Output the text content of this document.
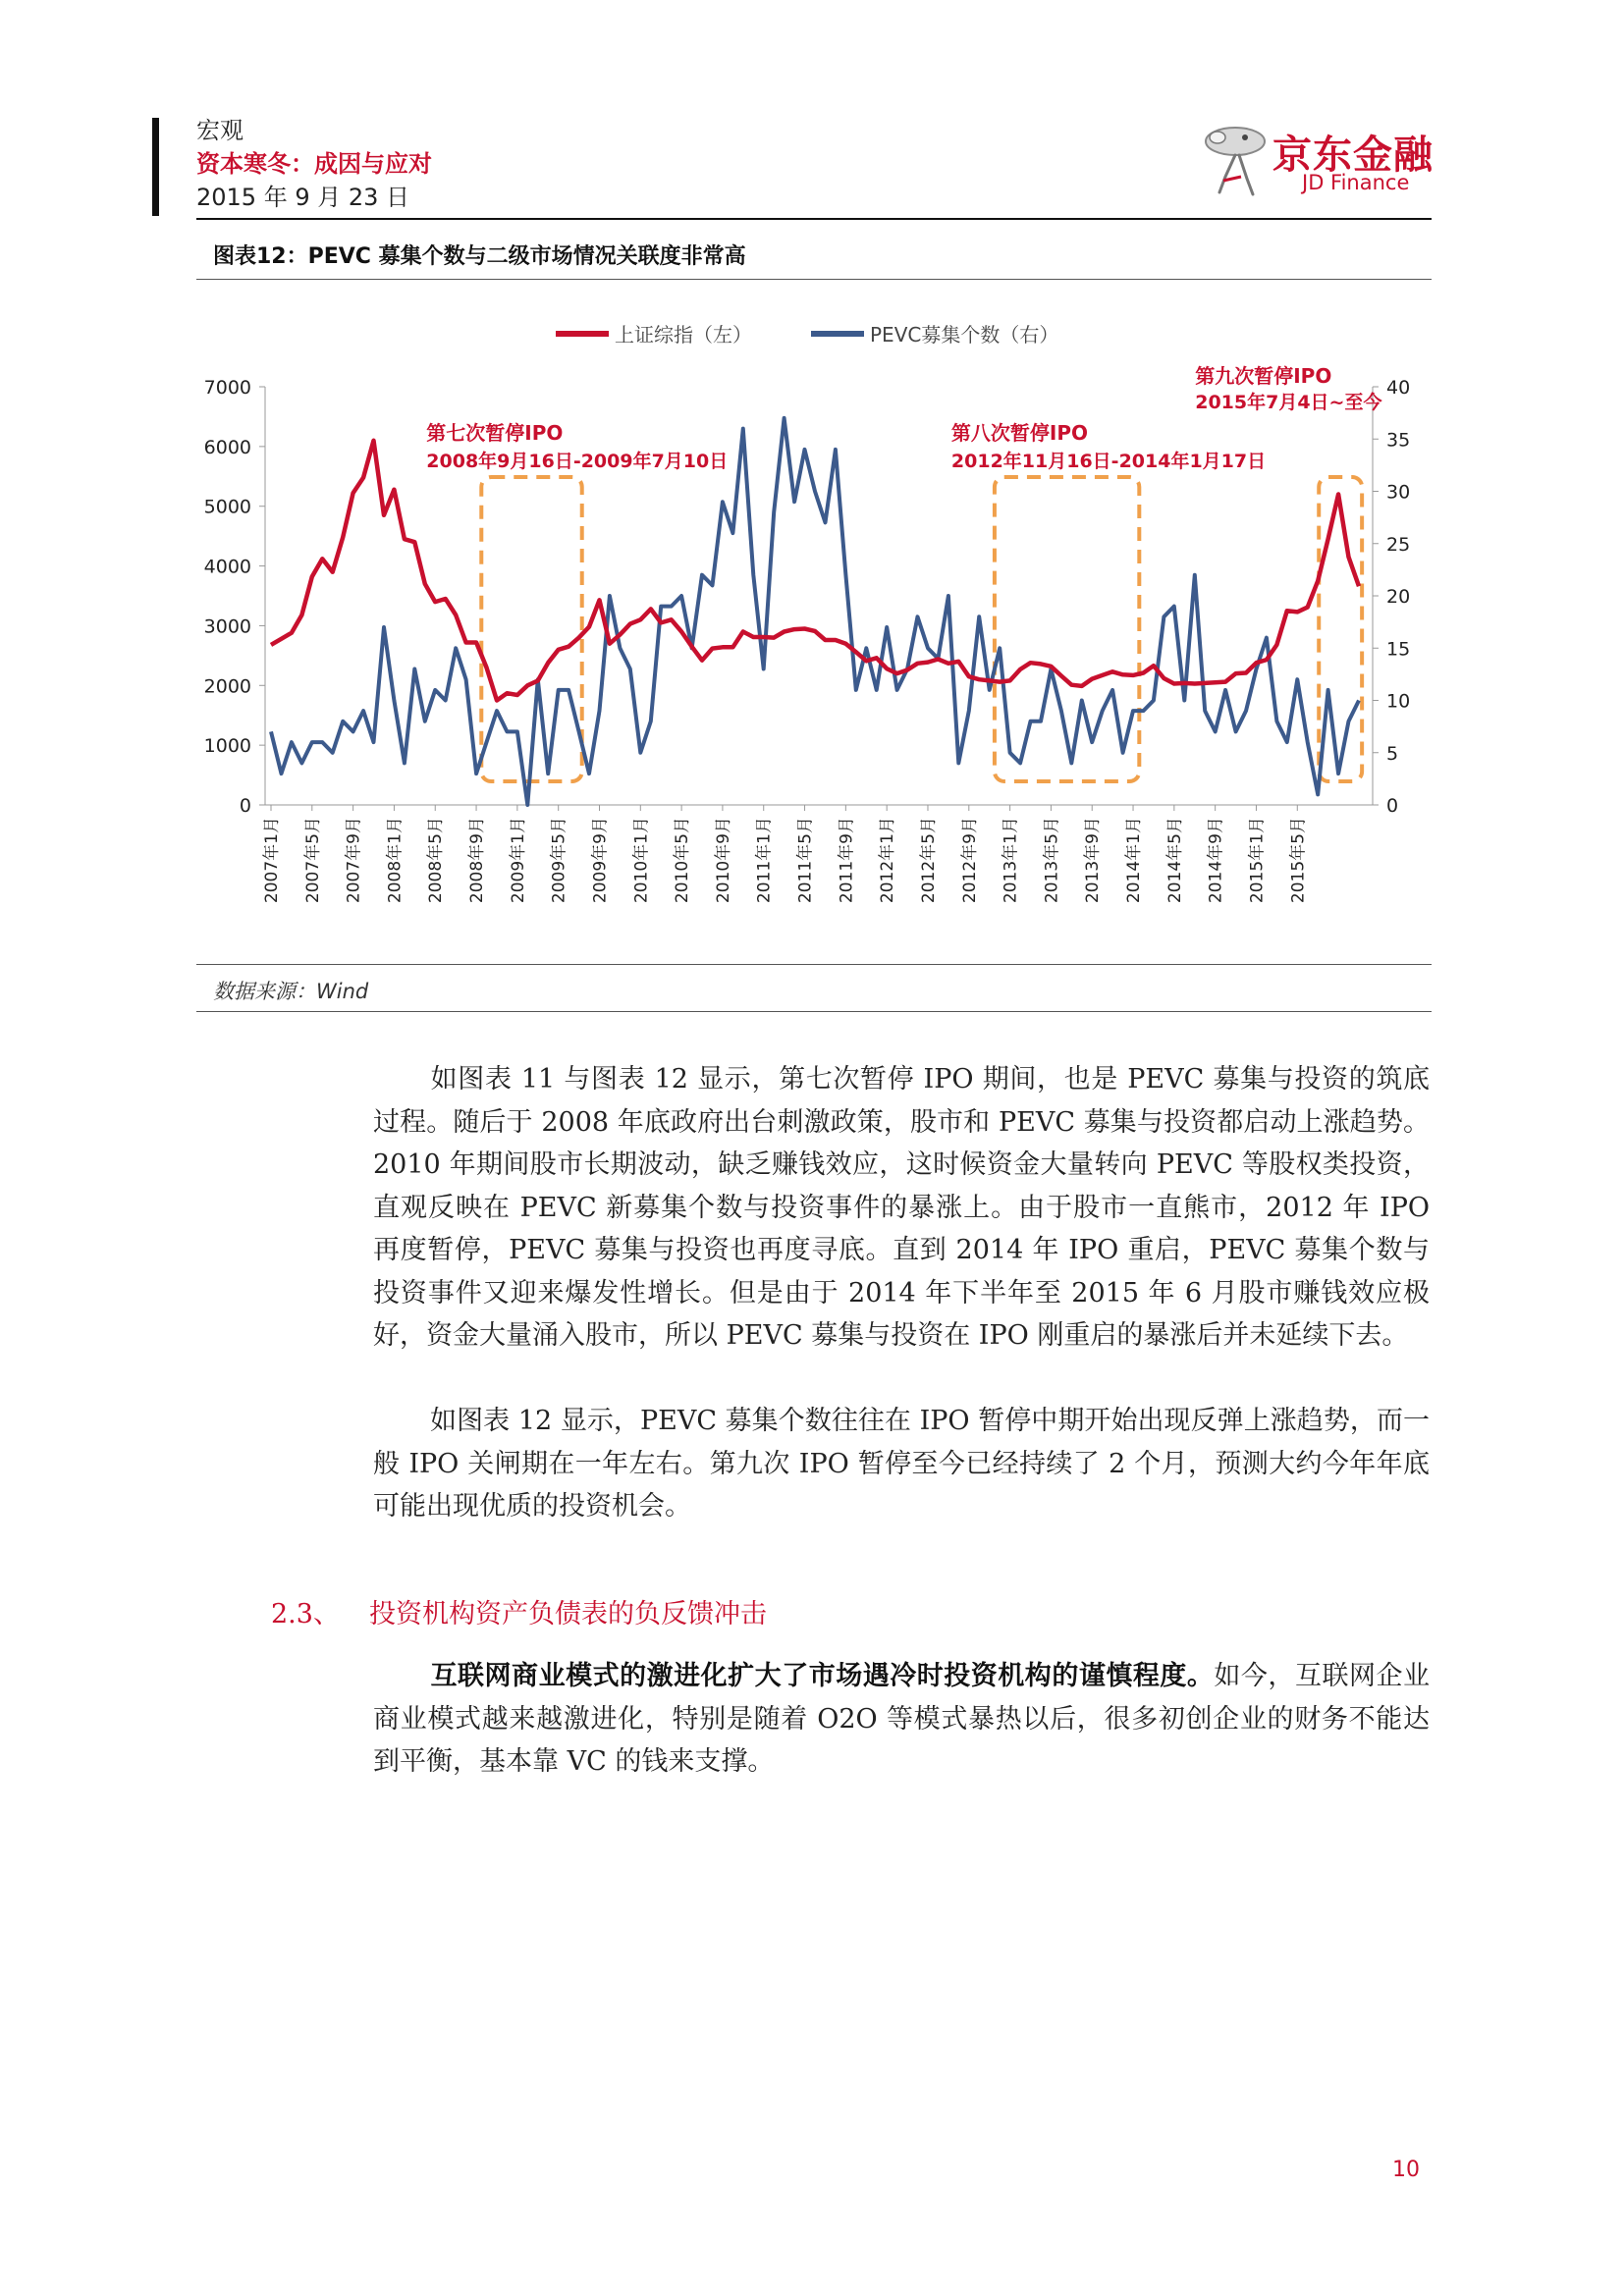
宏观
资本寒冬：成因与应对
2015 年 9 月 23 日
京东金融
JD Finance
图表12：PEVC 募集个数与二级市场情况关联度非常高
上证综指（左）	PEVC募集个数（右）
7000
6000
5000
4000
3000
2000
1000
0
40
35
30
25
20
15
10
5
0
2007年1月 2007年5月 2007年9月 2008年1月 2008年5月 2008年9月 2009年1月 2009年5月 2009年9月 2010年1月 2010年5月 2010年9月 2011年1月 2011年5月 2011年9月 2012年1月 2012年5月 2012年9月 2013年1月 2013年5月 2013年9月 2014年1月 2014年5月 2014年9月 2015年1月 2015年5月
第七次暂停IPO
2008年9月16日-2009年7月10日
第八次暂停IPO
2012年11月16日-2014年1月17日
第九次暂停IPO
2015年7月4日~至今
数据来源：Wind
如图表 11 与图表 12 显示，第七次暂停 IPO 期间，也是 PEVC 募集与投资的筑底过程。随后于 2008 年底政府出台刺激政策，股市和 PEVC 募集与投资都启动上涨趋势。2010 年期间股市长期波动，缺乏赚钱效应，这时候资金大量转向 PEVC 等股权类投资，直观反映在 PEVC 新募集个数与投资事件的暴涨上。由于股市一直熊市，2012 年 IPO 再度暂停，PEVC 募集与投资也再度寻底。直到 2014 年 IPO 重启，PEVC 募集个数与投资事件又迎来爆发性增长。但是由于 2014 年下半年至 2015 年 6 月股市赚钱效应极好，资金大量涌入股市，所以 PEVC 募集与投资在 IPO 刚重启的暴涨后并未延续下去。
如图表 12 显示，PEVC 募集个数往往在 IPO 暂停中期开始出现反弹上涨趋势，而一般 IPO 关闸期在一年左右。第九次 IPO 暂停至今已经持续了 2 个月，预测大约今年年底可能出现优质的投资机会。
2.3、 投资机构资产负债表的负反馈冲击
互联网商业模式的激进化扩大了市场遇冷时投资机构的谨慎程度。如今，互联网企业商业模式越来越激进化，特别是随着 O2O 等模式暴热以后，很多初创企业的财务不能达到平衡，基本靠 VC 的钱来支撑。
10
